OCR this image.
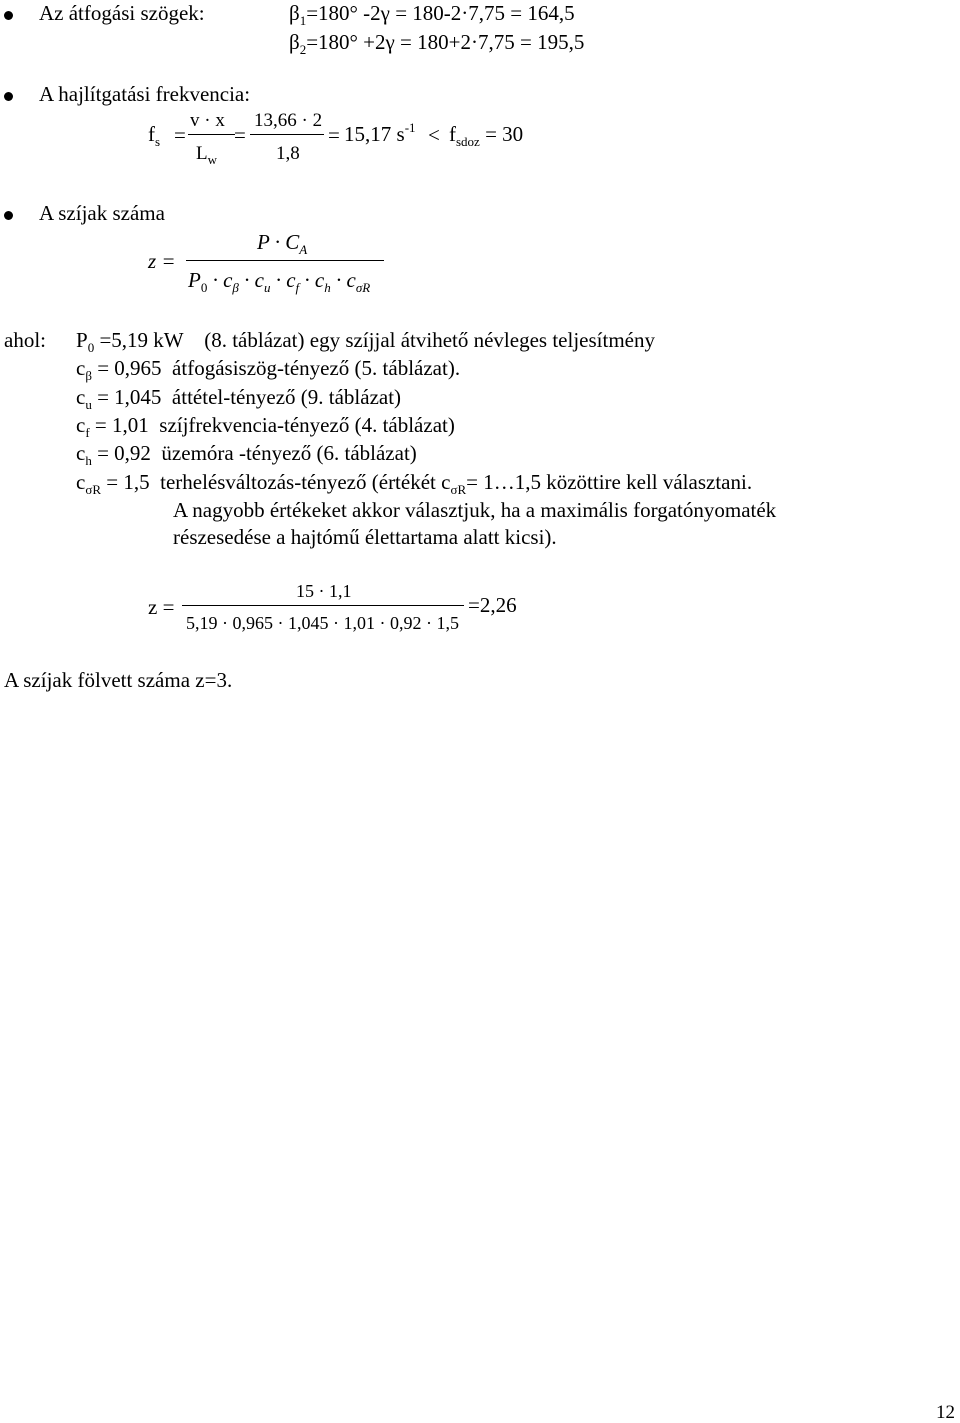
Az átfogási szögek:	$\beta_1=180^\circ$ -2γ = 180-2·7,75 = 164,5
$\beta_2=180^\circ +2\gamma = 180+2\cdot 7,75 = 195,5$
A hajlítgatási frekvencia:
$f_s$ =
v · x
$L_w$
=
13,66 · 2
1,8
= 15,17 $s^{-1} < f_{sdoz} = 30$
A szíjak száma
z =
$P \cdot C_A$
$P_0 \cdot c_\beta \cdot c_u \cdot c_f \cdot c_h \cdot c_{\sigma R}$
ahol: $P_0 =5,19$ kW    (8. táblázat) egy szíjjal átvihető névleges teljesítmény
$c_\beta = 0,965$  átfogásiszög-tényező (5. táblázat).
$c_u = 1,045$  áttétel-tényező (9. táblázat)
$c_f = 1,01$  szíjfrekvencia-tényező (4. táblázat)
$c_h = 0,92$  üzemóra -tényező (6. táblázat)
$c_{\sigma R} = 1,5$  terhelésváltozás-tényező (értékét $c_{\sigma R}=$ 1…1,5 közöttire kell választani.
A nagyobb értékeket akkor választjuk, ha a maximális forgatónyomaték
részesedése a hajtómű élettartama alatt kicsi).
z =
15 · 1,1
5,19 · 0,965 · 1,045 · 1,01 · 0,92 · 1,5
=2,26
A szíjak fölvett száma z=3.
12
